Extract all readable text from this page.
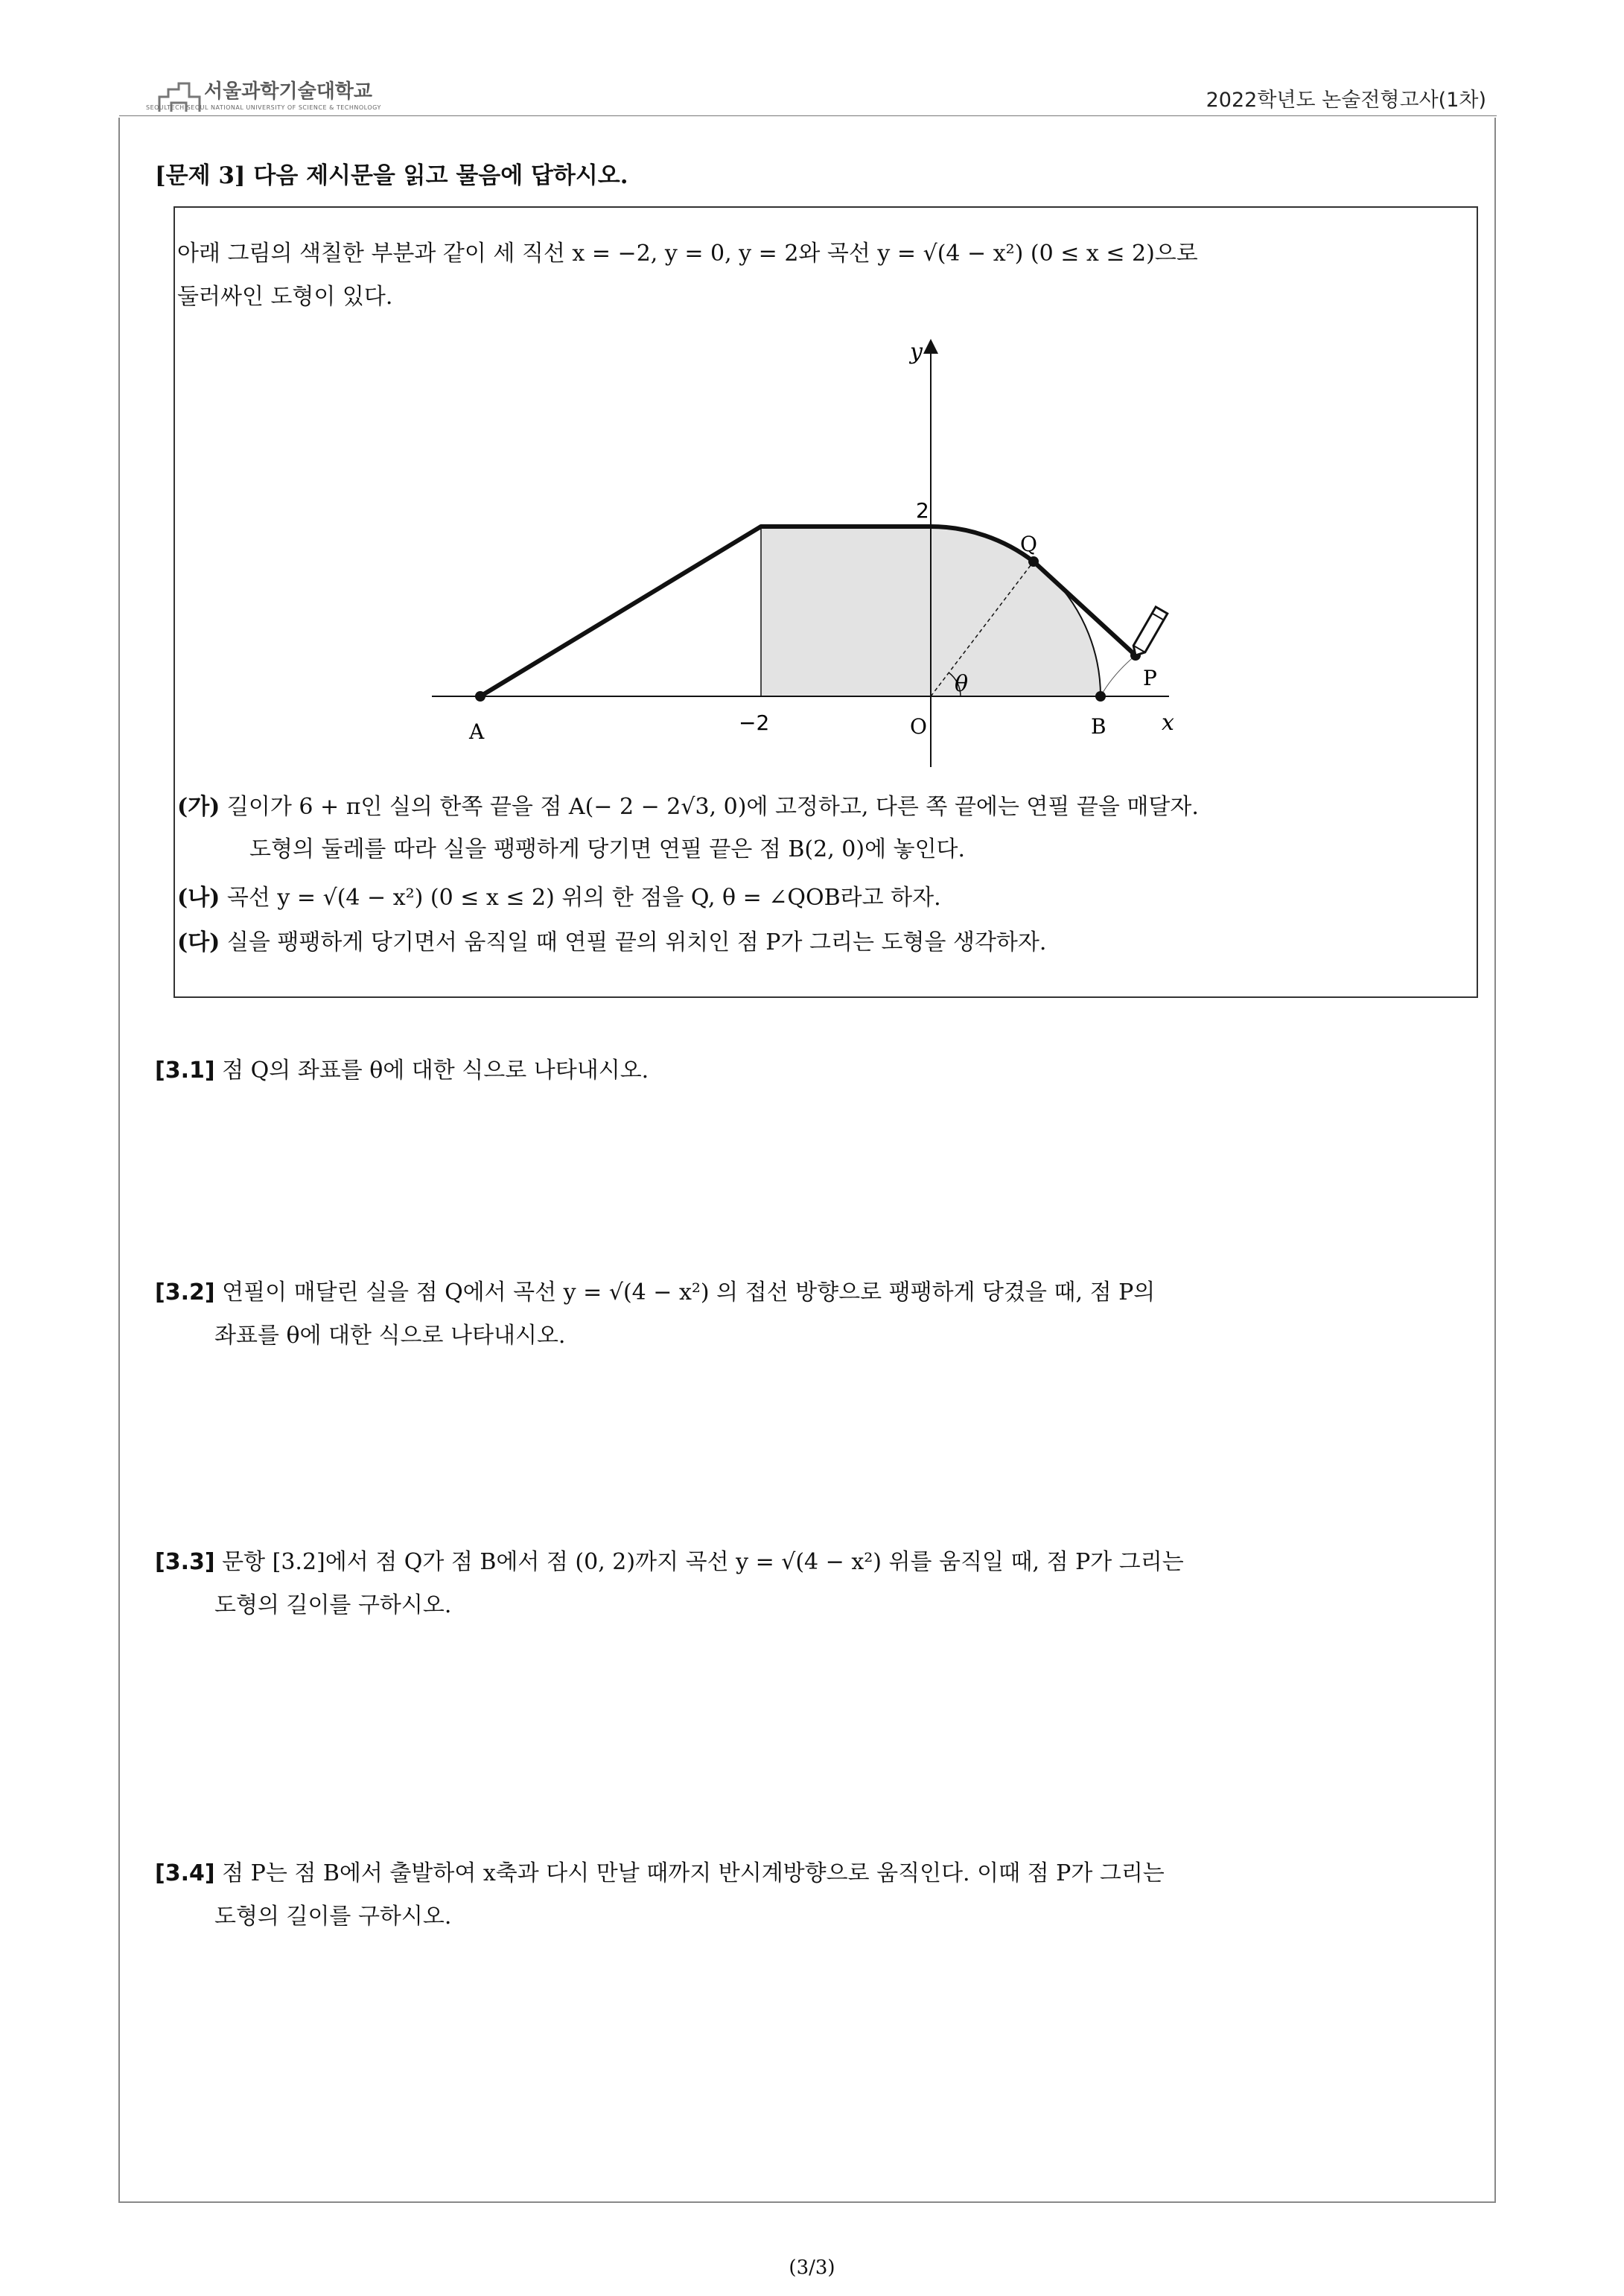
서울과학기술대학교
SEOULTECH SEOUL NATIONAL UNIVERSITY OF SCIENCE & TECHNOLOGY	2022학년도 논술전형고사(1차)
[문제 3] 다음 제시문을 읽고 물음에 답하시오.
아래 그림의 색칠한 부분과 같이 세 직선 x = −2, y = 0, y = 2와 곡선 y = √(4 − x²) (0 ≤ x ≤ 2)으로
둘러싸인 도형이 있다.
y
x
2
−2	O
A	B
Q
P
θ
(가) 길이가 6 + π인 실의 한쪽 끝을 점 A(− 2 − 2√3, 0)에 고정하고, 다른 쪽 끝에는 연필 끝을 매달자.
도형의 둘레를 따라 실을 팽팽하게 당기면 연필 끝은 점 B(2, 0)에 놓인다.
(나) 곡선 y = √(4 − x²) (0 ≤ x ≤ 2) 위의 한 점을 Q, θ = ∠QOB라고 하자.
(다) 실을 팽팽하게 당기면서 움직일 때 연필 끝의 위치인 점 P가 그리는 도형을 생각하자.
[3.1] 점 Q의 좌표를 θ에 대한 식으로 나타내시오.
[3.2] 연필이 매달린 실을 점 Q에서 곡선 y = √(4 − x²) 의 접선 방향으로 팽팽하게 당겼을 때, 점 P의
좌표를 θ에 대한 식으로 나타내시오.
[3.3] 문항 [3.2]에서 점 Q가 점 B에서 점 (0, 2)까지 곡선 y = √(4 − x²) 위를 움직일 때, 점 P가 그리는
도형의 길이를 구하시오.
[3.4] 점 P는 점 B에서 출발하여 x축과 다시 만날 때까지 반시계방향으로 움직인다. 이때 점 P가 그리는
도형의 길이를 구하시오.
(3/3)
